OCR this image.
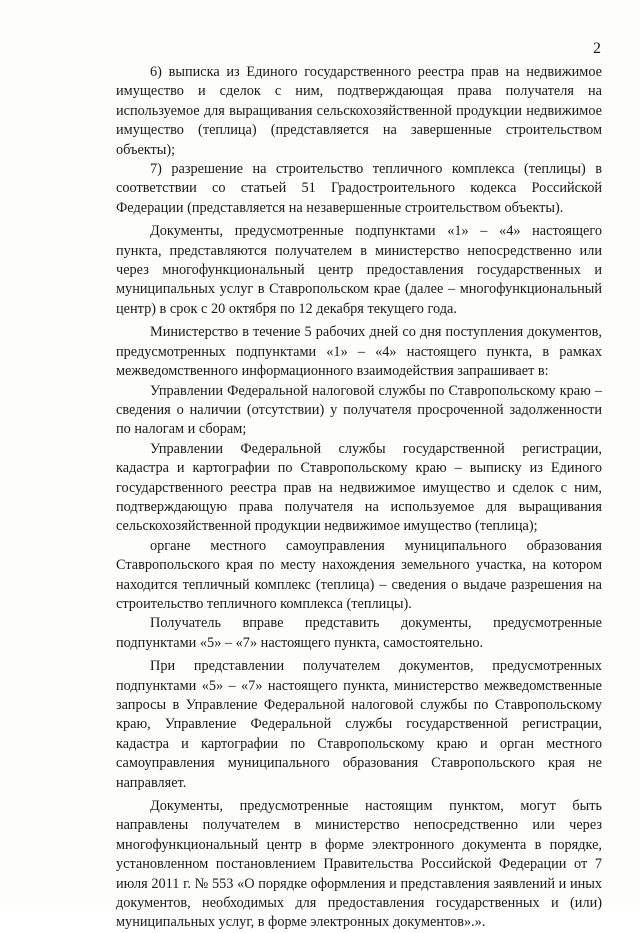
2

6) выписка из Единого государственного реестра прав на недвижимое имущество и сделок с ним, подтверждающая права получателя на используемое для выращивания сельскохозяйственной продукции недвижимое имущество (теплица) (представляется на завершенные строительством объекты);

7) разрешение на строительство тепличного комплекса (теплицы) в соответствии со статьей 51 Градостроительного кодекса Российской Федерации (представляется на незавершенные строительством объекты).

Документы, предусмотренные подпунктами «1» – «4» настоящего пункта, представляются получателем в министерство непосредственно или через многофункциональный центр предоставления государственных и муниципальных услуг в Ставропольском крае (далее – многофункциональный центр) в срок с 20 октября по 12 декабря текущего года.

Министерство в течение 5 рабочих дней со дня поступления документов, предусмотренных подпунктами «1» – «4» настоящего пункта, в рамках межведомственного информационного взаимодействия запрашивает в:

Управлении Федеральной налоговой службы по Ставропольскому краю – сведения о наличии (отсутствии) у получателя просроченной задолженности по налогам и сборам;

Управлении Федеральной службы государственной регистрации, кадастра и картографии по Ставропольскому краю – выписку из Единого государственного реестра прав на недвижимое имущество и сделок с ним, подтверждающую права получателя на используемое для выращивания сельскохозяйственной продукции недвижимое имущество (теплица);

органе местного самоуправления муниципального образования Ставропольского края по месту нахождения земельного участка, на котором находится тепличный комплекс (теплица) – сведения о выдаче разрешения на строительство тепличного комплекса (теплицы).

Получатель вправе представить документы, предусмотренные подпунктами «5» – «7» настоящего пункта, самостоятельно.

При представлении получателем документов, предусмотренных подпунктами «5» – «7» настоящего пункта, министерство межведомственные запросы в Управление Федеральной налоговой службы по Ставропольскому краю, Управление Федеральной службы государственной регистрации, кадастра и картографии по Ставропольскому краю и орган местного самоуправления муниципального образования Ставропольского края не направляет.

Документы, предусмотренные настоящим пунктом, могут быть направлены получателем в министерство непосредственно или через многофункциональный центр в форме электронного документа в порядке, установленном постановлением Правительства Российской Федерации от 7 июля 2011 г. № 553 «О порядке оформления и представления заявлений и иных документов, необходимых для предоставления государственных и (или) муниципальных услуг, в форме электронных документов».».
